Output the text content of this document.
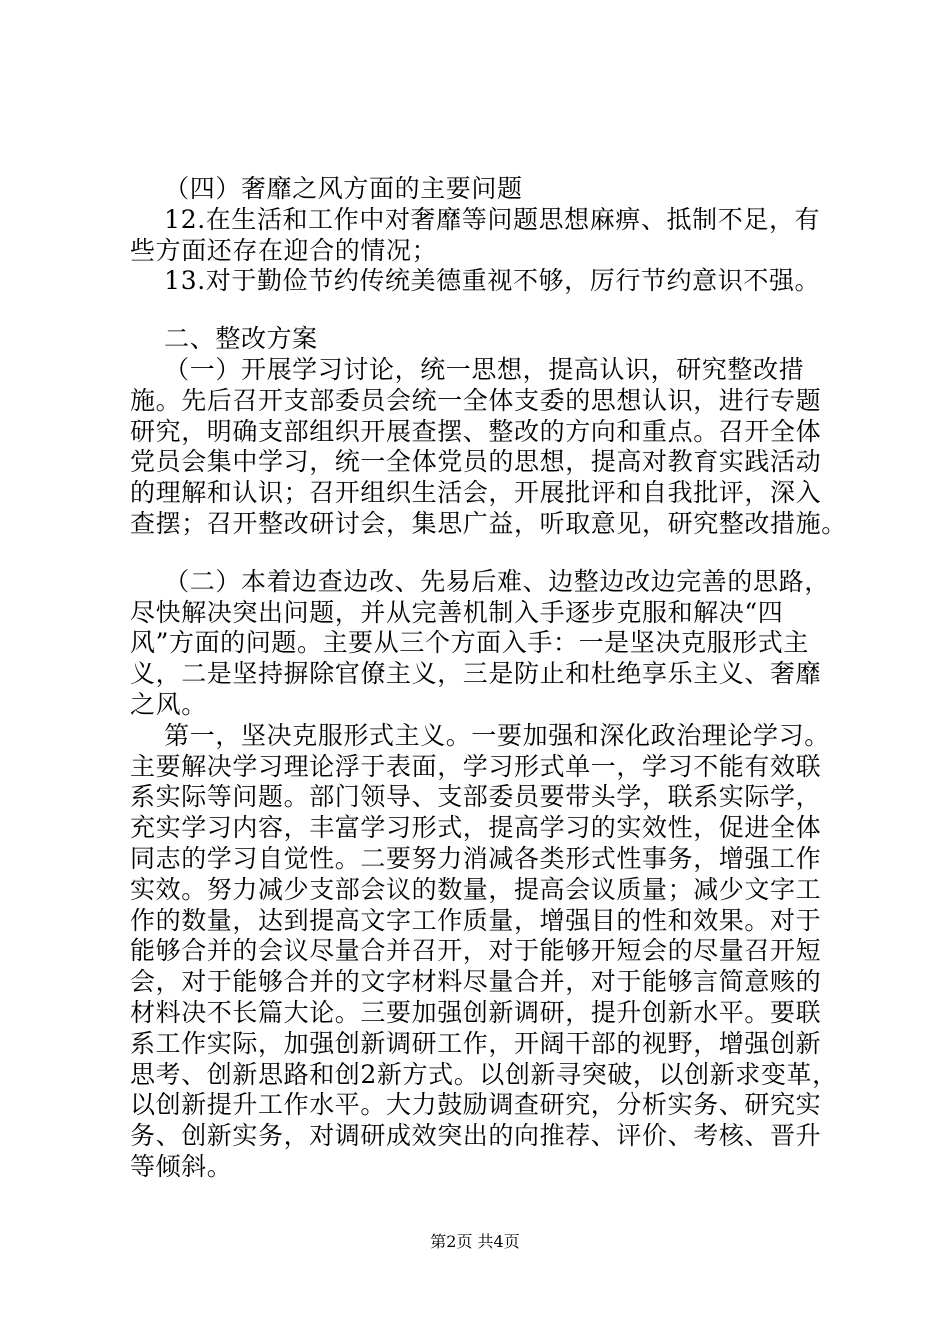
（四）奢靡之风方面的主要问题
12.在生活和工作中对奢靡等问题思想麻痹、抵制不足，有
些方面还存在迎合的情况；
13.对于勤俭节约传统美德重视不够，厉行节约意识不强。
二、整改方案
（一）开展学习讨论，统一思想，提高认识，研究整改措
施。先后召开支部委员会统一全体支委的思想认识，进行专题
研究，明确支部组织开展查摆、整改的方向和重点。召开全体
党员会集中学习，统一全体党员的思想，提高对教育实践活动
的理解和认识；召开组织生活会，开展批评和自我批评，深入
查摆；召开整改研讨会，集思广益，听取意见，研究整改措施。
（二）本着边查边改、先易后难、边整边改边完善的思路，
尽快解决突出问题，并从完善机制入手逐步克服和解决“四
风”方面的问题。主要从三个方面入手：一是坚决克服形式主
义，二是坚持摒除官僚主义，三是防止和杜绝享乐主义、奢靡
之风。
第一，坚决克服形式主义。一要加强和深化政治理论学习。
主要解决学习理论浮于表面，学习形式单一，学习不能有效联
系实际等问题。部门领导、支部委员要带头学，联系实际学，
充实学习内容，丰富学习形式，提高学习的实效性，促进全体
同志的学习自觉性。二要努力消减各类形式性事务，增强工作
实效。努力减少支部会议的数量，提高会议质量；减少文字工
作的数量，达到提高文字工作质量，增强目的性和效果。对于
能够合并的会议尽量合并召开，对于能够开短会的尽量召开短
会，对于能够合并的文字材料尽量合并，对于能够言简意赅的
材料决不长篇大论。三要加强创新调研，提升创新水平。要联
系工作实际，加强创新调研工作，开阔干部的视野，增强创新
思考、创新思路和创2新方式。以创新寻突破，以创新求变革，
以创新提升工作水平。大力鼓励调查研究，分析实务、研究实
务、创新实务，对调研成效突出的向推荐、评价、考核、晋升
等倾斜。
第2页 共4页
